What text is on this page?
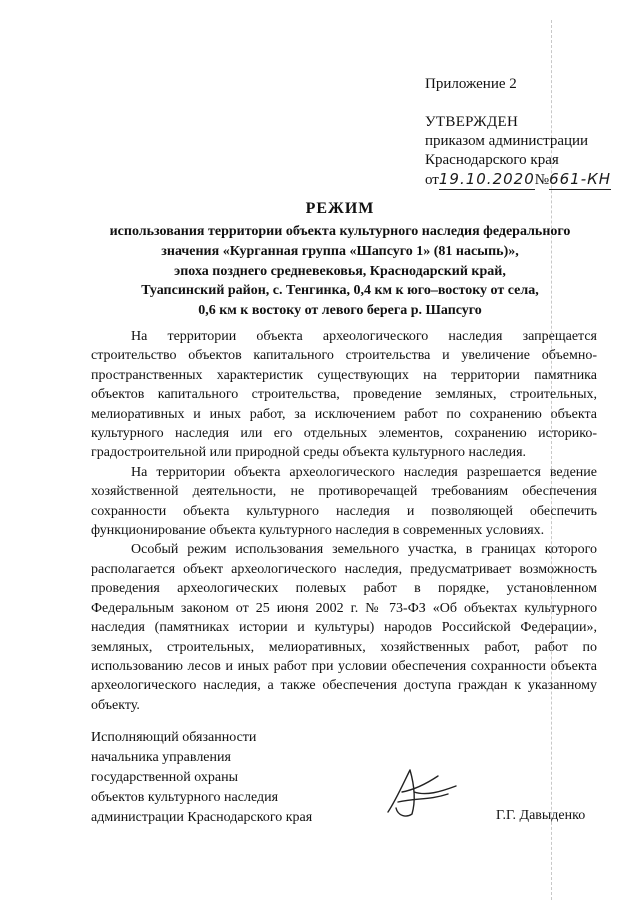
Приложение 2
УТВЕРЖДЕН
приказом администрации
Краснодарского края
от19.10.2020№661-КН
РЕЖИМ
использования территории объекта культурного наследия федерального
значения «Курганная группа «Шапсуго 1» (81 насыпь)»,
эпоха позднего средневековья, Краснодарский край,
Туапсинский район, с. Тенгинка, 0,4 км к юго–востоку от села,
0,6 км к востоку от левого берега р. Шапсуго

На территории объекта археологического наследия запрещается строительство объектов капитального строительства и увеличение объемно-пространственных характеристик существующих на территории памятника объектов капитального строительства, проведение земляных, строительных, мелиоративных и иных работ, за исключением работ по сохранению объекта культурного наследия или его отдельных элементов, сохранению историко-градостроительной или природной среды объекта культурного наследия.

На территории объекта археологического наследия разрешается ведение хозяйственной деятельности, не противоречащей требованиям обеспечения сохранности объекта культурного наследия и позволяющей обеспечить функционирование объекта культурного наследия в современных условиях.

Особый режим использования земельного участка, в границах которого располагается объект археологического наследия, предусматривает возможность проведения археологических полевых работ в порядке, установленном Федеральным законом от 25 июня 2002 г. № 73-ФЗ «Об объектах культурного наследия (памятниках истории и культуры) народов Российской Федерации», земляных, строительных, мелиоративных, хозяйственных работ, работ по использованию лесов и иных работ при условии обеспечения сохранности объекта археологического наследия, а также обеспечения доступа граждан к указанному объекту.

Исполняющий обязанности
начальника управления
государственной охраны
объектов культурного наследия
администрации Краснодарского края	Г.Г. Давыденко
